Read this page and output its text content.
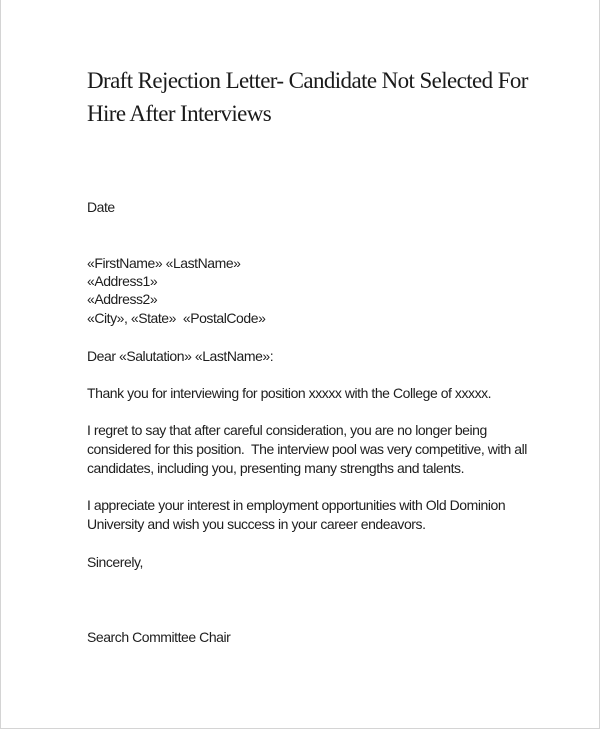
Draft Rejection Letter- Candidate Not Selected For
Hire After Interviews
Date
«FirstName» «LastName»
«Address1»
«Address2»
«City», «State»  «PostalCode»
Dear «Salutation» «LastName»:
Thank you for interviewing for position xxxxx with the College of xxxxx.
I regret to say that after careful consideration, you are no longer being
considered for this position.  The interview pool was very competitive, with all
candidates, including you, presenting many strengths and talents.
I appreciate your interest in employment opportunities with Old Dominion
University and wish you success in your career endeavors.
Sincerely,
Search Committee Chair
